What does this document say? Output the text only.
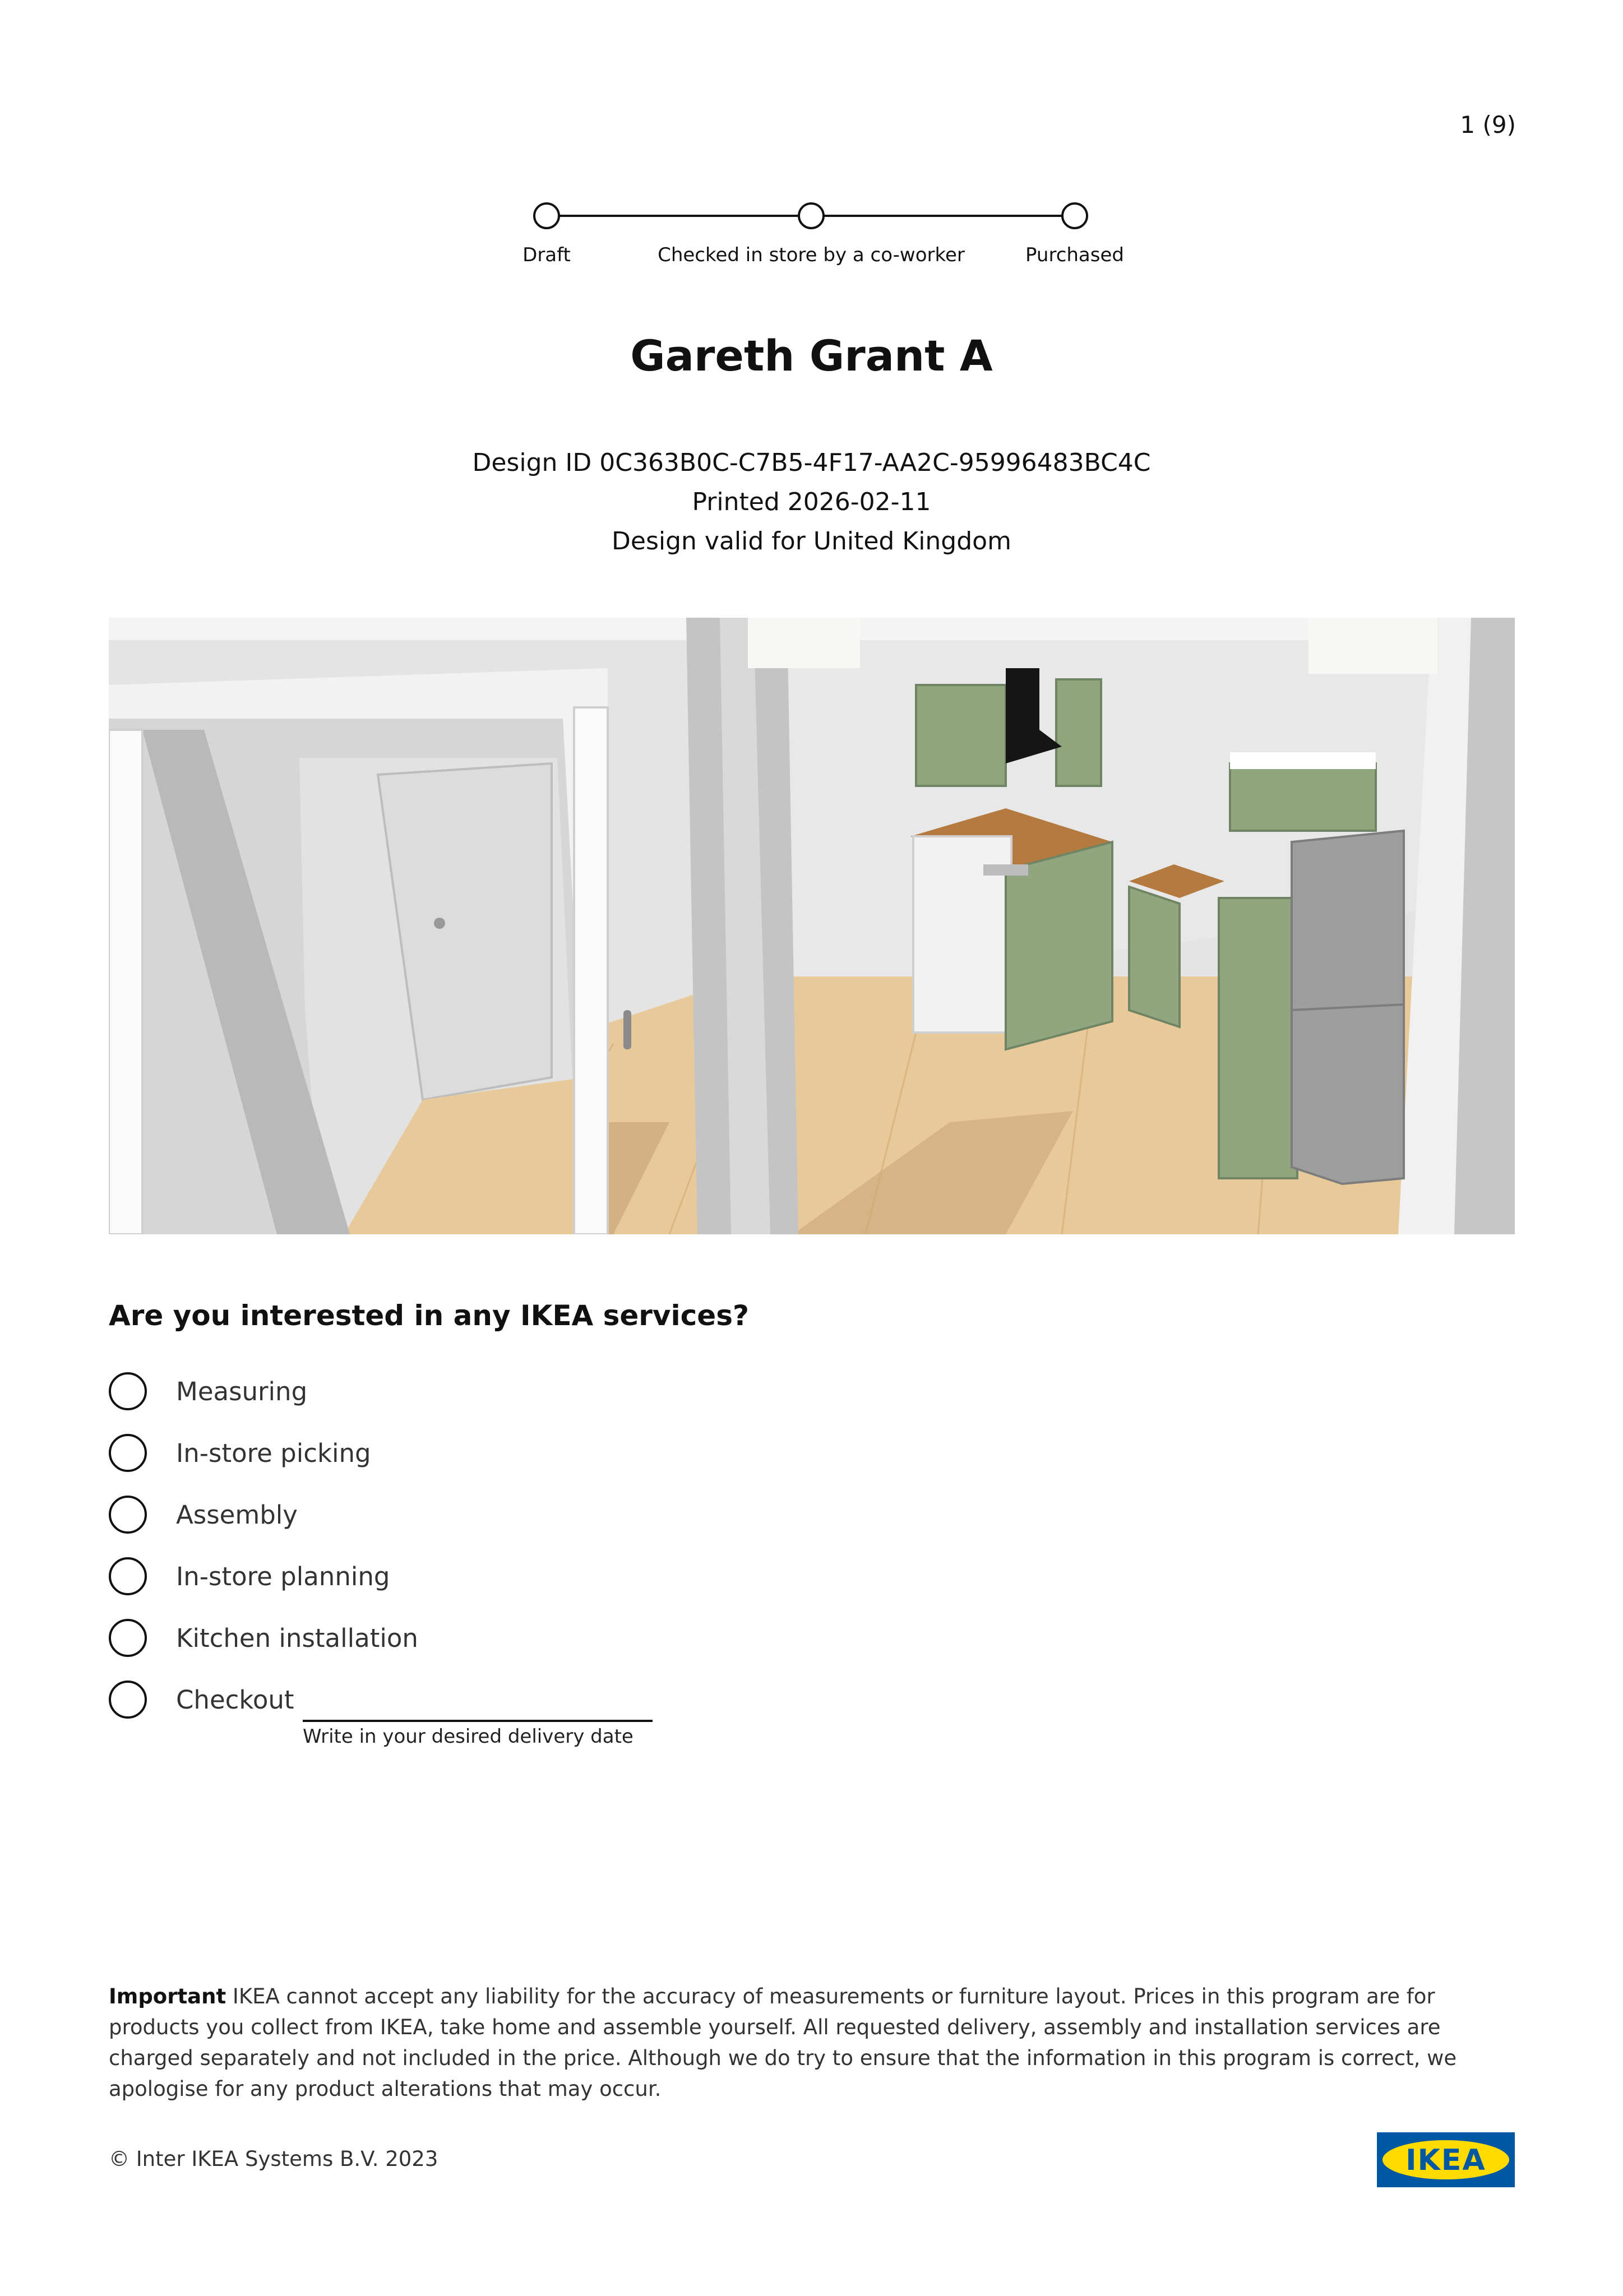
1 (9)
Draft	Checked in store by a co-worker	Purchased
Gareth Grant A
Design ID 0C363B0C-C7B5-4F17-AA2C-95996483BC4C
Printed 2026-02-11
Design valid for United Kingdom
Are you interested in any IKEA services?
Measuring
In-store picking
Assembly
In-store planning
Kitchen installation
Checkout
Write in your desired delivery date
Important IKEA cannot accept any liability for the accuracy of measurements or furniture layout. Prices in this program are for products you collect from IKEA, take home and assemble yourself. All requested delivery, assembly and installation services are charged separately and not included in the price. Although we do try to ensure that the information in this program is correct, we apologise for any product alterations that may occur.
© Inter IKEA Systems B.V. 2023	IKEA
